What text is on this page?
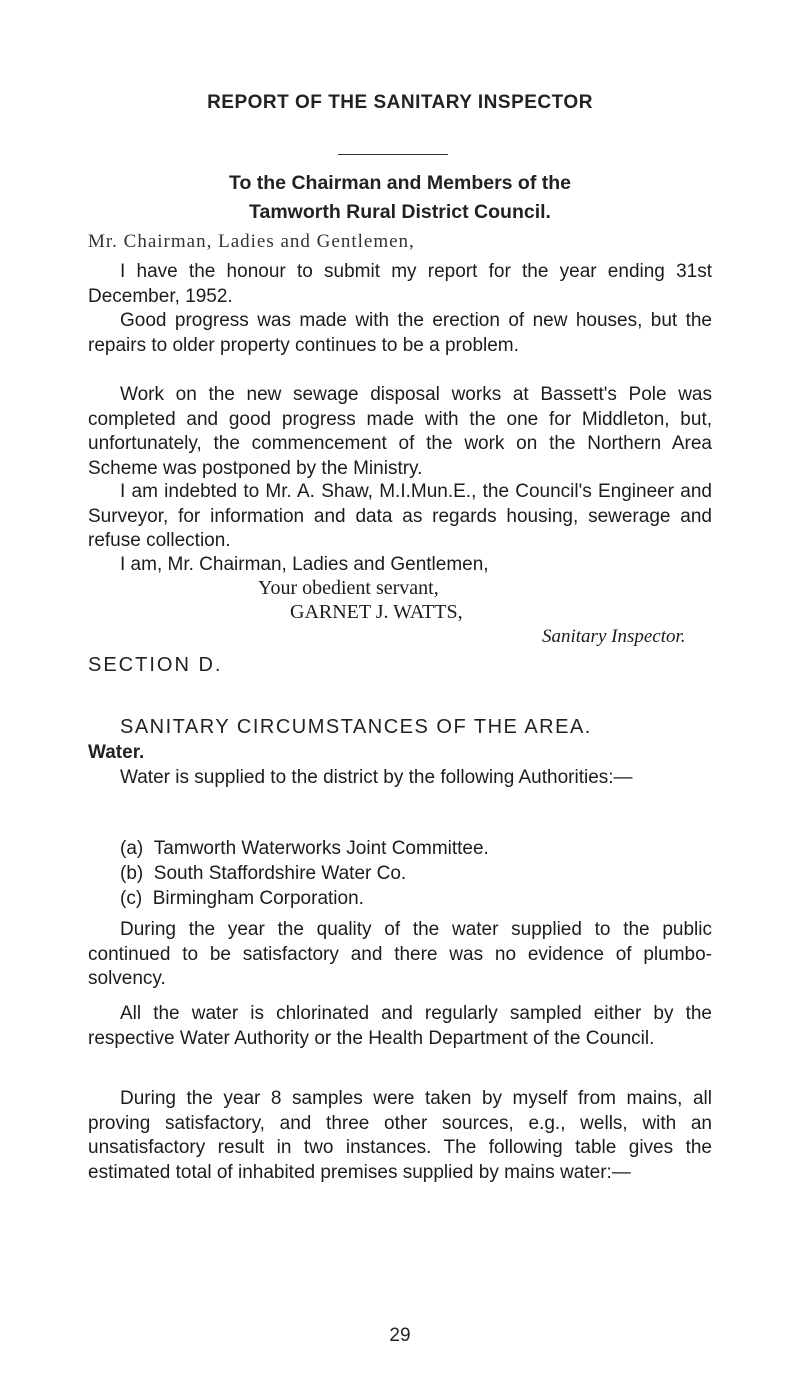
REPORT OF THE SANITARY INSPECTOR
To the Chairman and Members of the
Tamworth Rural District Council.
Mr. Chairman, Ladies and Gentlemen,

I have the honour to submit my report for the year ending 31st December, 1952.

Good progress was made with the erection of new houses, but the repairs to older property continues to be a problem.

Work on the new sewage disposal works at Bassett's Pole was completed and good progress made with the one for Middleton, but, unfortunately, the commencement of the work on the Northern Area Scheme was postponed by the Ministry.

I am indebted to Mr. A. Shaw, M.I.Mun.E., the Council's Engineer and Surveyor, for information and data as regards housing, sewerage and refuse collection.

I am, Mr. Chairman, Ladies and Gentlemen,
Your obedient servant,
GARNET J. WATTS,
Sanitary Inspector.
SECTION D.
SANITARY CIRCUMSTANCES OF THE AREA.
Water.

Water is supplied to the district by the following Authorities:—

(a) Tamworth Waterworks Joint Committee.
(b) South Staffordshire Water Co.
(c) Birmingham Corporation.

During the year the quality of the water supplied to the public continued to be satisfactory and there was no evidence of plumbo-solvency.

All the water is chlorinated and regularly sampled either by the respective Water Authority or the Health Department of the Council.

During the year 8 samples were taken by myself from mains, all proving satisfactory, and three other sources, e.g., wells, with an unsatisfactory result in two instances. The following table gives the estimated total of inhabited premises supplied by mains water:—

29
